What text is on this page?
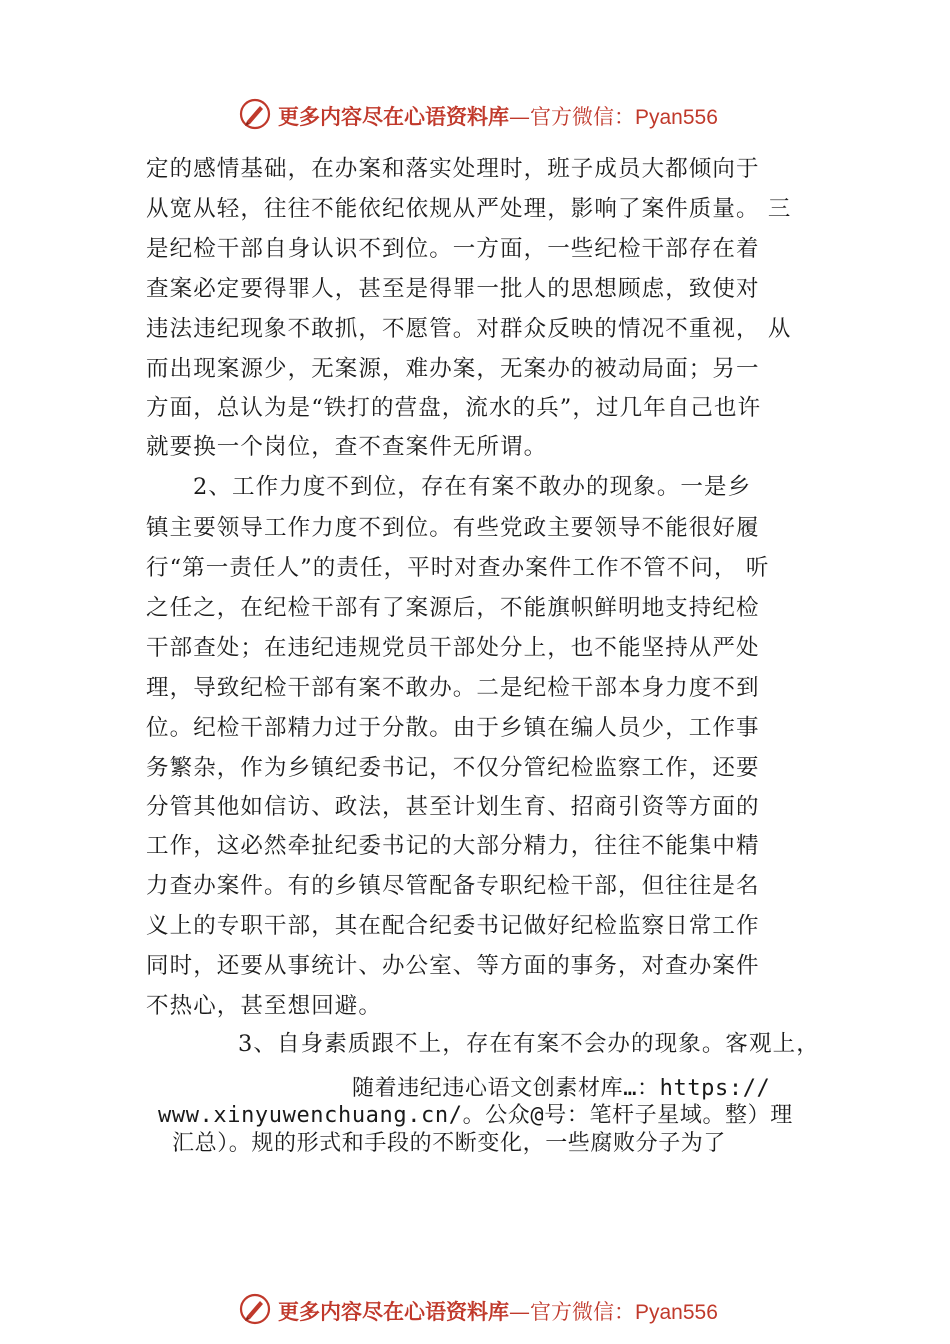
更多内容尽在心语资料库—官方微信：Pyan556
定的感情基础，在办案和落实处理时，班子成员大都倾向于
从宽从轻，往往不能依纪依规从严处理，影响了案件质量。 三
是纪检干部自身认识不到位。一方面，一些纪检干部存在着
查案必定要得罪人，甚至是得罪一批人的思想顾虑，致使对
违法违纪现象不敢抓，不愿管。对群众反映的情况不重视， 从
而出现案源少，无案源，难办案，无案办的被动局面；另一
方面，总认为是“铁打的营盘，流水的兵”，过几年自己也许
就要换一个岗位，查不查案件无所谓。
2、工作力度不到位，存在有案不敢办的现象。一是乡
镇主要领导工作力度不到位。有些党政主要领导不能很好履
行“第一责任人”的责任，平时对查办案件工作不管不问， 听
之任之，在纪检干部有了案源后，不能旗帜鲜明地支持纪检
干部查处；在违纪违规党员干部处分上，也不能坚持从严处
理，导致纪检干部有案不敢办。二是纪检干部本身力度不到
位。纪检干部精力过于分散。由于乡镇在编人员少，工作事
务繁杂，作为乡镇纪委书记，不仅分管纪检监察工作，还要
分管其他如信访、政法，甚至计划生育、招商引资等方面的
工作，这必然牵扯纪委书记的大部分精力，往往不能集中精
力查办案件。有的乡镇尽管配备专职纪检干部，但往往是名
义上的专职干部，其在配合纪委书记做好纪检监察日常工作
同时，还要从事统计、办公室、等方面的事务，对查办案件
不热心，甚至想回避。
3、自身素质跟不上，存在有案不会办的现象。客观上，
随着违纪违心语文创素材库…：https://
www.xinyuwenchuang.cn/。公众@号：笔杆子星域。整）理
汇总）。规的形式和手段的不断变化，一些腐败分子为了
更多内容尽在心语资料库—官方微信：Pyan556
